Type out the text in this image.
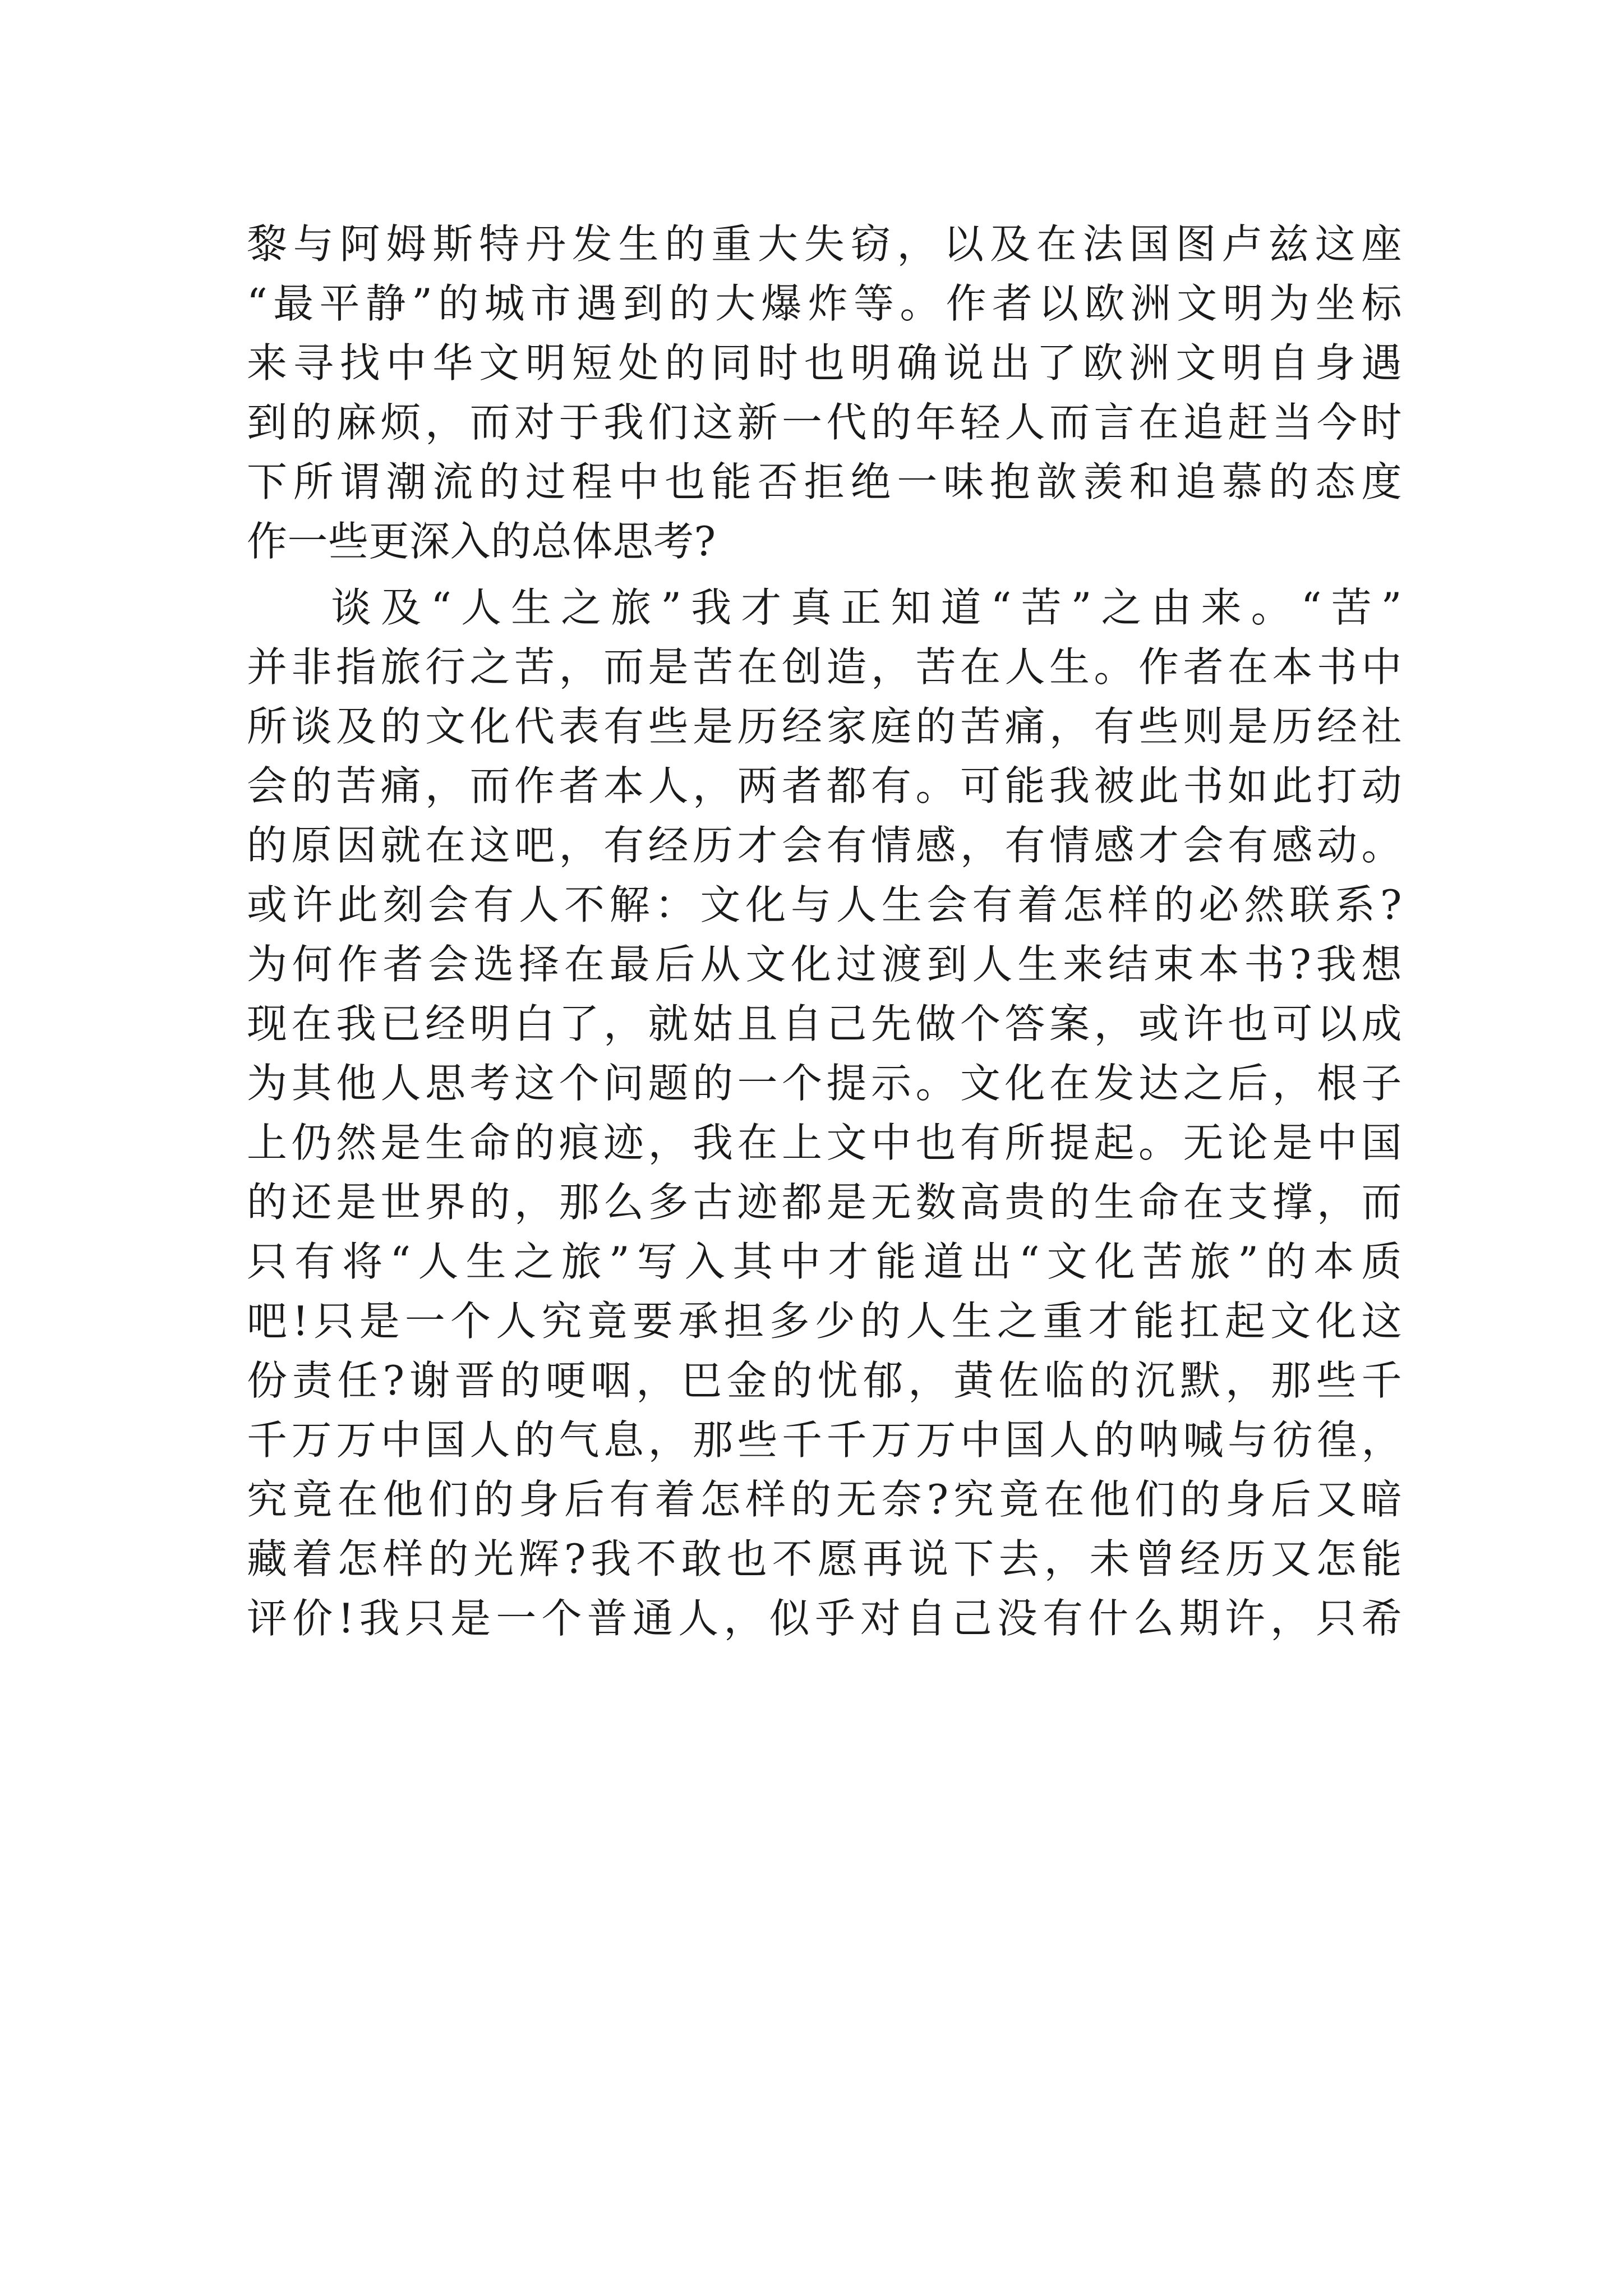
黎与阿姆斯特丹发生的重大失窃，以及在法国图卢兹这座
“最平静”的城市遇到的大爆炸等。作者以欧洲文明为坐标
来寻找中华文明短处的同时也明确说出了欧洲文明自身遇
到的麻烦，而对于我们这新一代的年轻人而言在追赶当今时
下所谓潮流的过程中也能否拒绝一味抱歆羡和追慕的态度
作一些更深入的总体思考?
谈及“人生之旅”我才真正知道“苦”之由来。“苦”
并非指旅行之苦，而是苦在创造，苦在人生。作者在本书中
所谈及的文化代表有些是历经家庭的苦痛，有些则是历经社
会的苦痛，而作者本人，两者都有。可能我被此书如此打动
的原因就在这吧，有经历才会有情感，有情感才会有感动。
或许此刻会有人不解：文化与人生会有着怎样的必然联系?
为何作者会选择在最后从文化过渡到人生来结束本书?我想
现在我已经明白了，就姑且自己先做个答案，或许也可以成
为其他人思考这个问题的一个提示。文化在发达之后，根子
上仍然是生命的痕迹，我在上文中也有所提起。无论是中国
的还是世界的，那么多古迹都是无数高贵的生命在支撑，而
只有将“人生之旅”写入其中才能道出“文化苦旅”的本质
吧!只是一个人究竟要承担多少的人生之重才能扛起文化这
份责任?谢晋的哽咽，巴金的忧郁，黄佐临的沉默，那些千
千万万中国人的气息，那些千千万万中国人的呐喊与彷徨，
究竟在他们的身后有着怎样的无奈?究竟在他们的身后又暗
藏着怎样的光辉?我不敢也不愿再说下去，未曾经历又怎能
评价!我只是一个普通人，似乎对自己没有什么期许，只希
